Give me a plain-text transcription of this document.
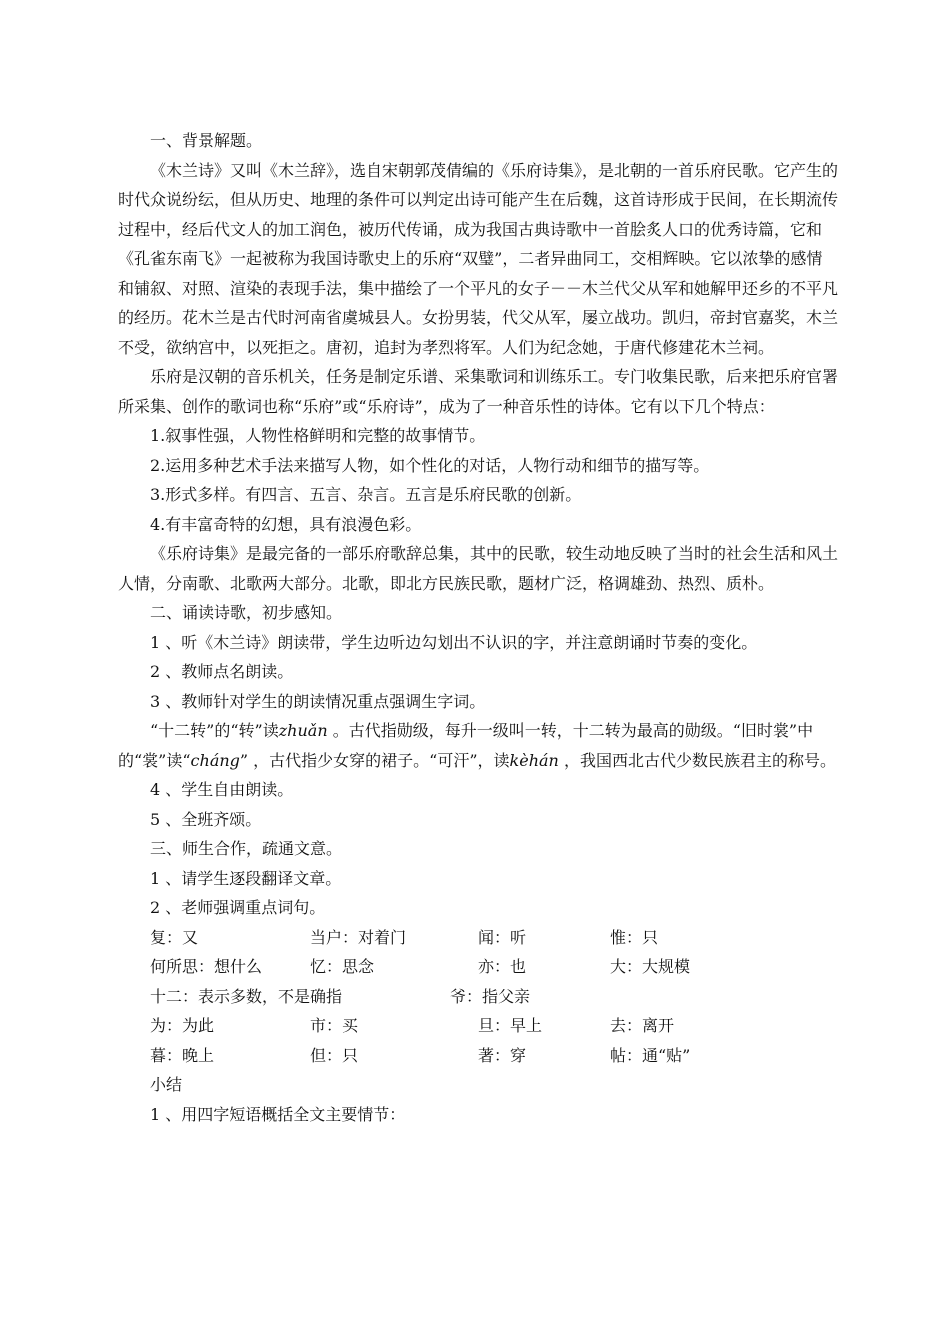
一、背景解题。

《木兰诗》又叫《木兰辞》，选自宋朝郭茂倩编的《乐府诗集》，是北朝的一首乐府民歌。它产生的时代众说纷纭，但从历史、地理的条件可以判定出诗可能产生在后魏，这首诗形成于民间，在长期流传过程中，经后代文人的加工润色，被历代传诵，成为我国古典诗歌中一首脍炙人口的优秀诗篇，它和《孔雀东南飞》一起被称为我国诗歌史上的乐府“双璧”，二者异曲同工，交相辉映。它以浓挚的感情和铺叙、对照、渲染的表现手法，集中描绘了一个平凡的女子－－木兰代父从军和她解甲还乡的不平凡的经历。花木兰是古代时河南省虞城县人。女扮男装，代父从军，屡立战功。凯归，帝封官嘉奖，木兰不受，欲纳宫中，以死拒之。唐初，追封为孝烈将军。人们为纪念她，于唐代修建花木兰祠。

乐府是汉朝的音乐机关，任务是制定乐谱、采集歌词和训练乐工。专门收集民歌，后来把乐府官署所采集、创作的歌词也称“乐府”或“乐府诗”，成为了一种音乐性的诗体。它有以下几个特点：

1.叙事性强，人物性格鲜明和完整的故事情节。

2.运用多种艺术手法来描写人物，如个性化的对话，人物行动和细节的描写等。

3.形式多样。有四言、五言、杂言。五言是乐府民歌的创新。

4.有丰富奇特的幻想，具有浪漫色彩。

《乐府诗集》是最完备的一部乐府歌辞总集，其中的民歌，较生动地反映了当时的社会生活和风土人情，分南歌、北歌两大部分。北歌，即北方民族民歌，题材广泛，格调雄劲、热烈、质朴。

二、诵读诗歌，初步感知。

1 、听《木兰诗》朗读带，学生边听边勾划出不认识的字，并注意朗诵时节奏的变化。

2 、教师点名朗读。

3 、教师针对学生的朗读情况重点强调生字词。

“十二转”的“转”读zhuǎn 。古代指勋级，每升一级叫一转，十二转为最高的勋级。“旧时裳”中的“裳”读“cháng” ，古代指少女穿的裙子。“可汗”，读kèhán ，我国西北古代少数民族君主的称号。

4 、学生自由朗读。

5 、全班齐颂。

三、师生合作，疏通文意。

1 、请学生逐段翻译文章。

2 、老师强调重点词句。

复：又	当户：对着门	闻：听	惟：只
何所思：想什么	忆：思念	亦：也	大：大规模
十二：表示多数，不是确指	爷：指父亲
为：为此	市：买	旦：早上	去：离开
暮：晚上	但：只	著：穿	帖：通“贴”

小结

1 、用四字短语概括全文主要情节：
